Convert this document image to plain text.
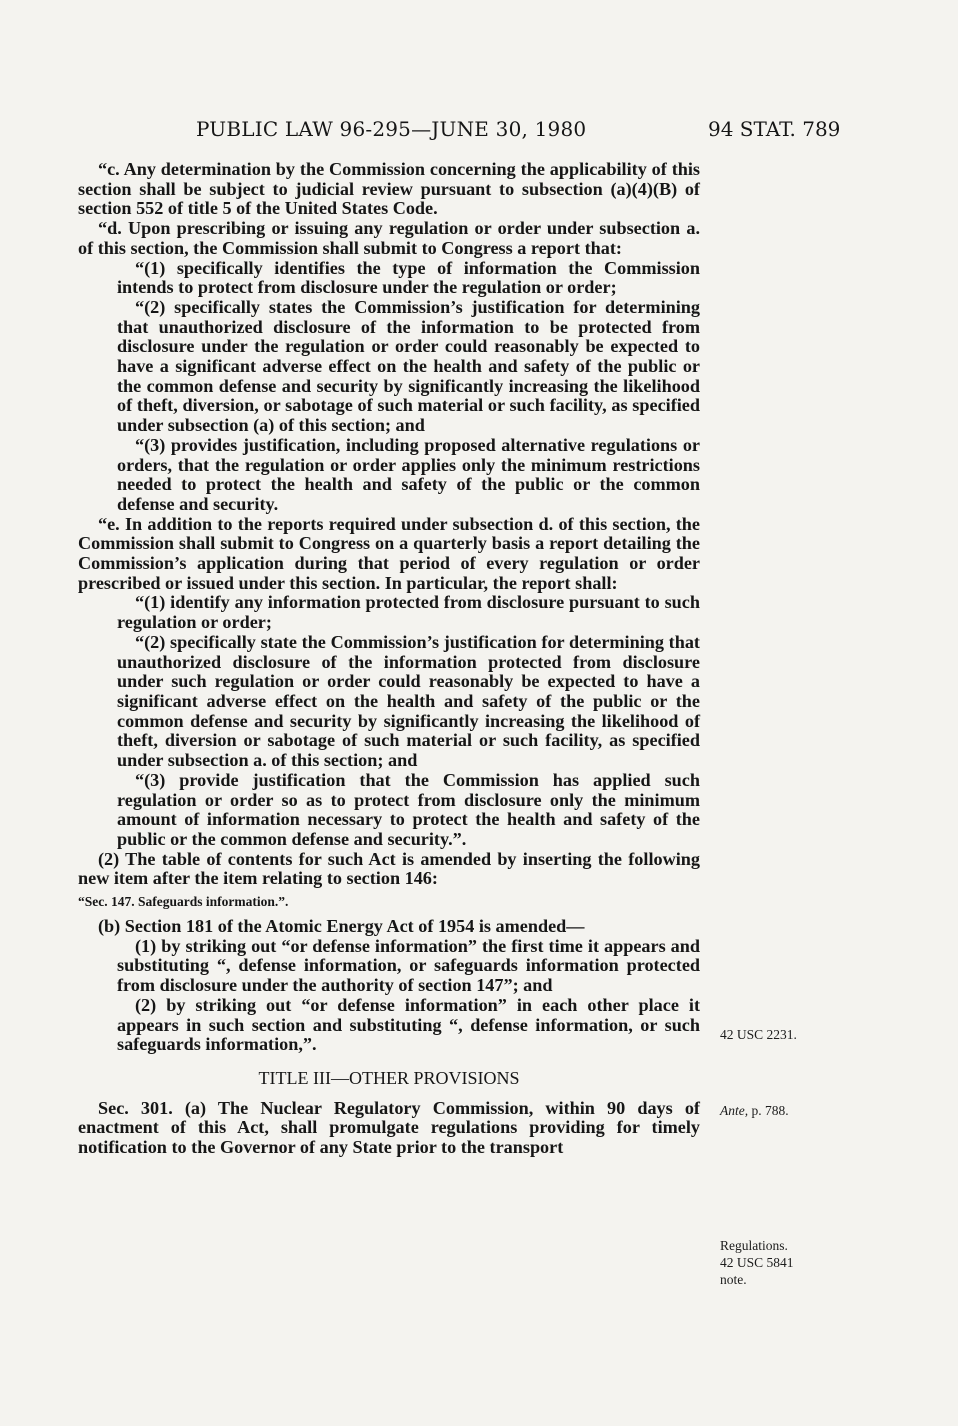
PUBLIC LAW 96-295—JUNE 30, 1980	94 STAT. 789

“c. Any determination by the Commission concerning the applicability of this section shall be subject to judicial review pursuant to subsection (a)(4)(B) of section 552 of title 5 of the United States Code.

“d. Upon prescribing or issuing any regulation or order under subsection a. of this section, the Commission shall submit to Congress a report that:

“(1) specifically identifies the type of information the Commission intends to protect from disclosure under the regulation or order;

“(2) specifically states the Commission’s justification for determining that unauthorized disclosure of the information to be protected from disclosure under the regulation or order could reasonably be expected to have a significant adverse effect on the health and safety of the public or the common defense and security by significantly increasing the likelihood of theft, diversion, or sabotage of such material or such facility, as specified under subsection (a) of this section; and

“(3) provides justification, including proposed alternative regulations or orders, that the regulation or order applies only the minimum restrictions needed to protect the health and safety of the public or the common defense and security.

“e. In addition to the reports required under subsection d. of this section, the Commission shall submit to Congress on a quarterly basis a report detailing the Commission’s application during that period of every regulation or order prescribed or issued under this section. In particular, the report shall:

“(1) identify any information protected from disclosure pursuant to such regulation or order;

“(2) specifically state the Commission’s justification for determining that unauthorized disclosure of the information protected from disclosure under such regulation or order could reasonably be expected to have a significant adverse effect on the health and safety of the public or the common defense and security by significantly increasing the likelihood of theft, diversion or sabotage of such material or such facility, as specified under subsection a. of this section; and

“(3) provide justification that the Commission has applied such regulation or order so as to protect from disclosure only the minimum amount of information necessary to protect the health and safety of the public or the common defense and security.”.

(2) The table of contents for such Act is amended by inserting the following new item after the item relating to section 146:

“Sec. 147. Safeguards information.”.

(b) Section 181 of the Atomic Energy Act of 1954 is amended—

(1) by striking out “or defense information” the first time it appears and substituting “, defense information, or safeguards information protected from disclosure under the authority of section 147”; and

(2) by striking out “or defense information” in each other place it appears in such section and substituting “, defense information, or such safeguards information,”.

TITLE III—OTHER PROVISIONS

Sec. 301. (a) The Nuclear Regulatory Commission, within 90 days of enactment of this Act, shall promulgate regulations providing for timely notification to the Governor of any State prior to the transport

42 USC 2231.
Ante, p. 788.
Regulations.
42 USC 5841
note.
